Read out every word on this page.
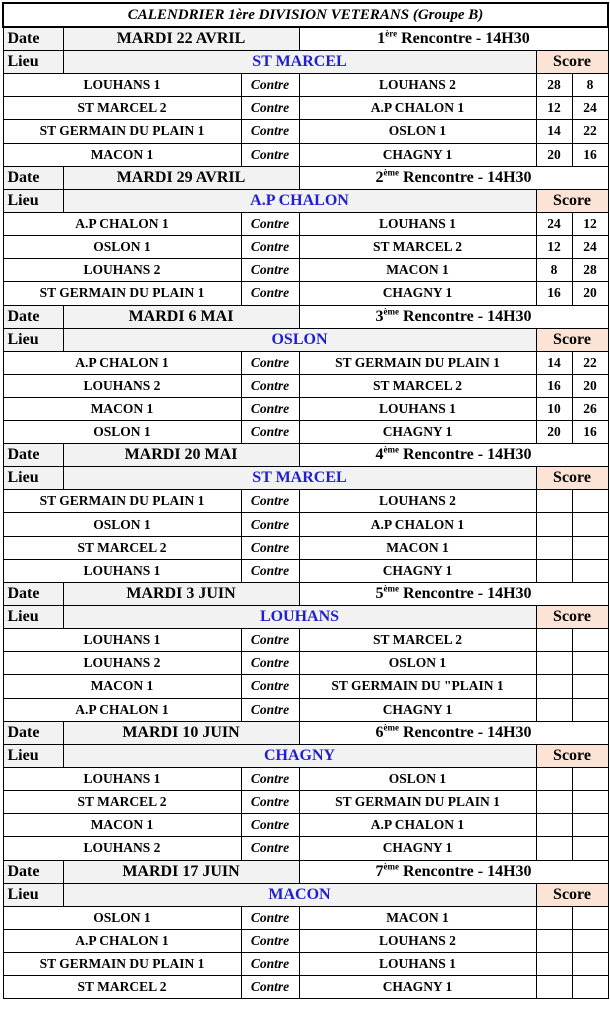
CALENDRIER 1ère DIVISION VETERANS (Groupe B)					
Date	MARDI 22 AVRIL		1ère Rencontre - 14H30		
Lieu	ST MARCEL			Score	
LOUHANS 1		Contre	LOUHANS 2	28	8
ST MARCEL 2		Contre	A.P CHALON 1	12	24
ST GERMAIN DU PLAIN 1		Contre	OSLON 1	14	22
MACON 1		Contre	CHAGNY 1	20	16
Date	MARDI 29 AVRIL		2ème Rencontre - 14H30		
Lieu	A.P CHALON			Score	
A.P CHALON 1		Contre	LOUHANS 1	24	12
OSLON 1		Contre	ST MARCEL 2	12	24
LOUHANS 2		Contre	MACON 1	8	28
ST GERMAIN DU PLAIN 1		Contre	CHAGNY 1	16	20
Date	MARDI 6 MAI		3ème Rencontre - 14H30		
Lieu	OSLON			Score	
A.P CHALON 1		Contre	ST GERMAIN DU PLAIN 1	14	22
LOUHANS 2		Contre	ST MARCEL 2	16	20
MACON 1		Contre	LOUHANS 1	10	26
OSLON 1		Contre	CHAGNY 1	20	16
Date	MARDI 20 MAI		4ème Rencontre - 14H30		
Lieu	ST MARCEL			Score	
ST GERMAIN DU PLAIN 1		Contre	LOUHANS 2		
OSLON 1		Contre	A.P CHALON 1		
ST MARCEL 2		Contre	MACON 1		
LOUHANS 1		Contre	CHAGNY 1		
Date	MARDI 3 JUIN		5ème Rencontre - 14H30		
Lieu	LOUHANS			Score	
LOUHANS 1		Contre	ST MARCEL 2		
LOUHANS 2		Contre	OSLON 1		
MACON 1		Contre	ST GERMAIN DU "PLAIN 1		
A.P CHALON 1		Contre	CHAGNY 1		
Date	MARDI 10 JUIN		6ème Rencontre - 14H30		
Lieu	CHAGNY			Score	
LOUHANS 1		Contre	OSLON 1		
ST MARCEL 2		Contre	ST GERMAIN DU PLAIN 1		
MACON 1		Contre	A.P CHALON 1		
LOUHANS 2		Contre	CHAGNY 1		
Date	MARDI 17 JUIN		7ème Rencontre - 14H30		
Lieu	MACON			Score	
OSLON 1		Contre	MACON 1		
A.P CHALON 1		Contre	LOUHANS 2		
ST GERMAIN DU PLAIN 1		Contre	LOUHANS 1		
ST MARCEL 2		Contre	CHAGNY 1		
